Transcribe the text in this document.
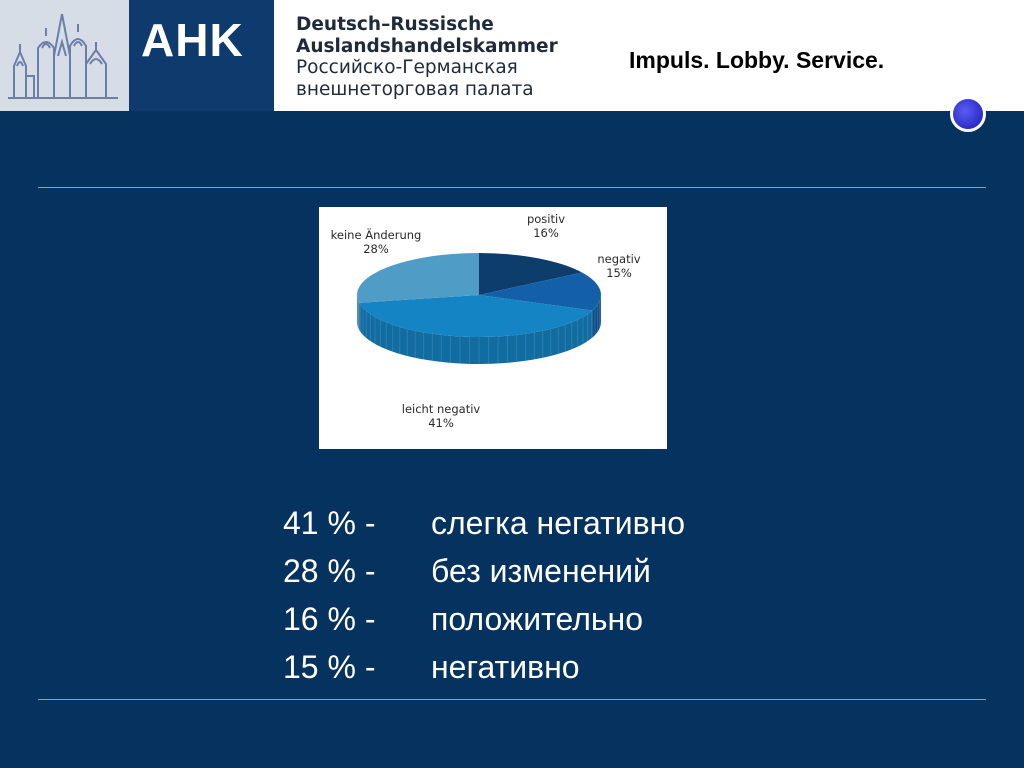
AHK	Deutsch–Russische
Auslandshandelskammer
Российско-Германская
внешнеторговая палата
Impuls. Lobby. Service.
positiv
16%
negativ
15%
leicht negativ
41%
keine Änderung
28%
41 % -	слегка негативно
28 % -	без изменений
16 % -	положительно
15 % -	негативно
